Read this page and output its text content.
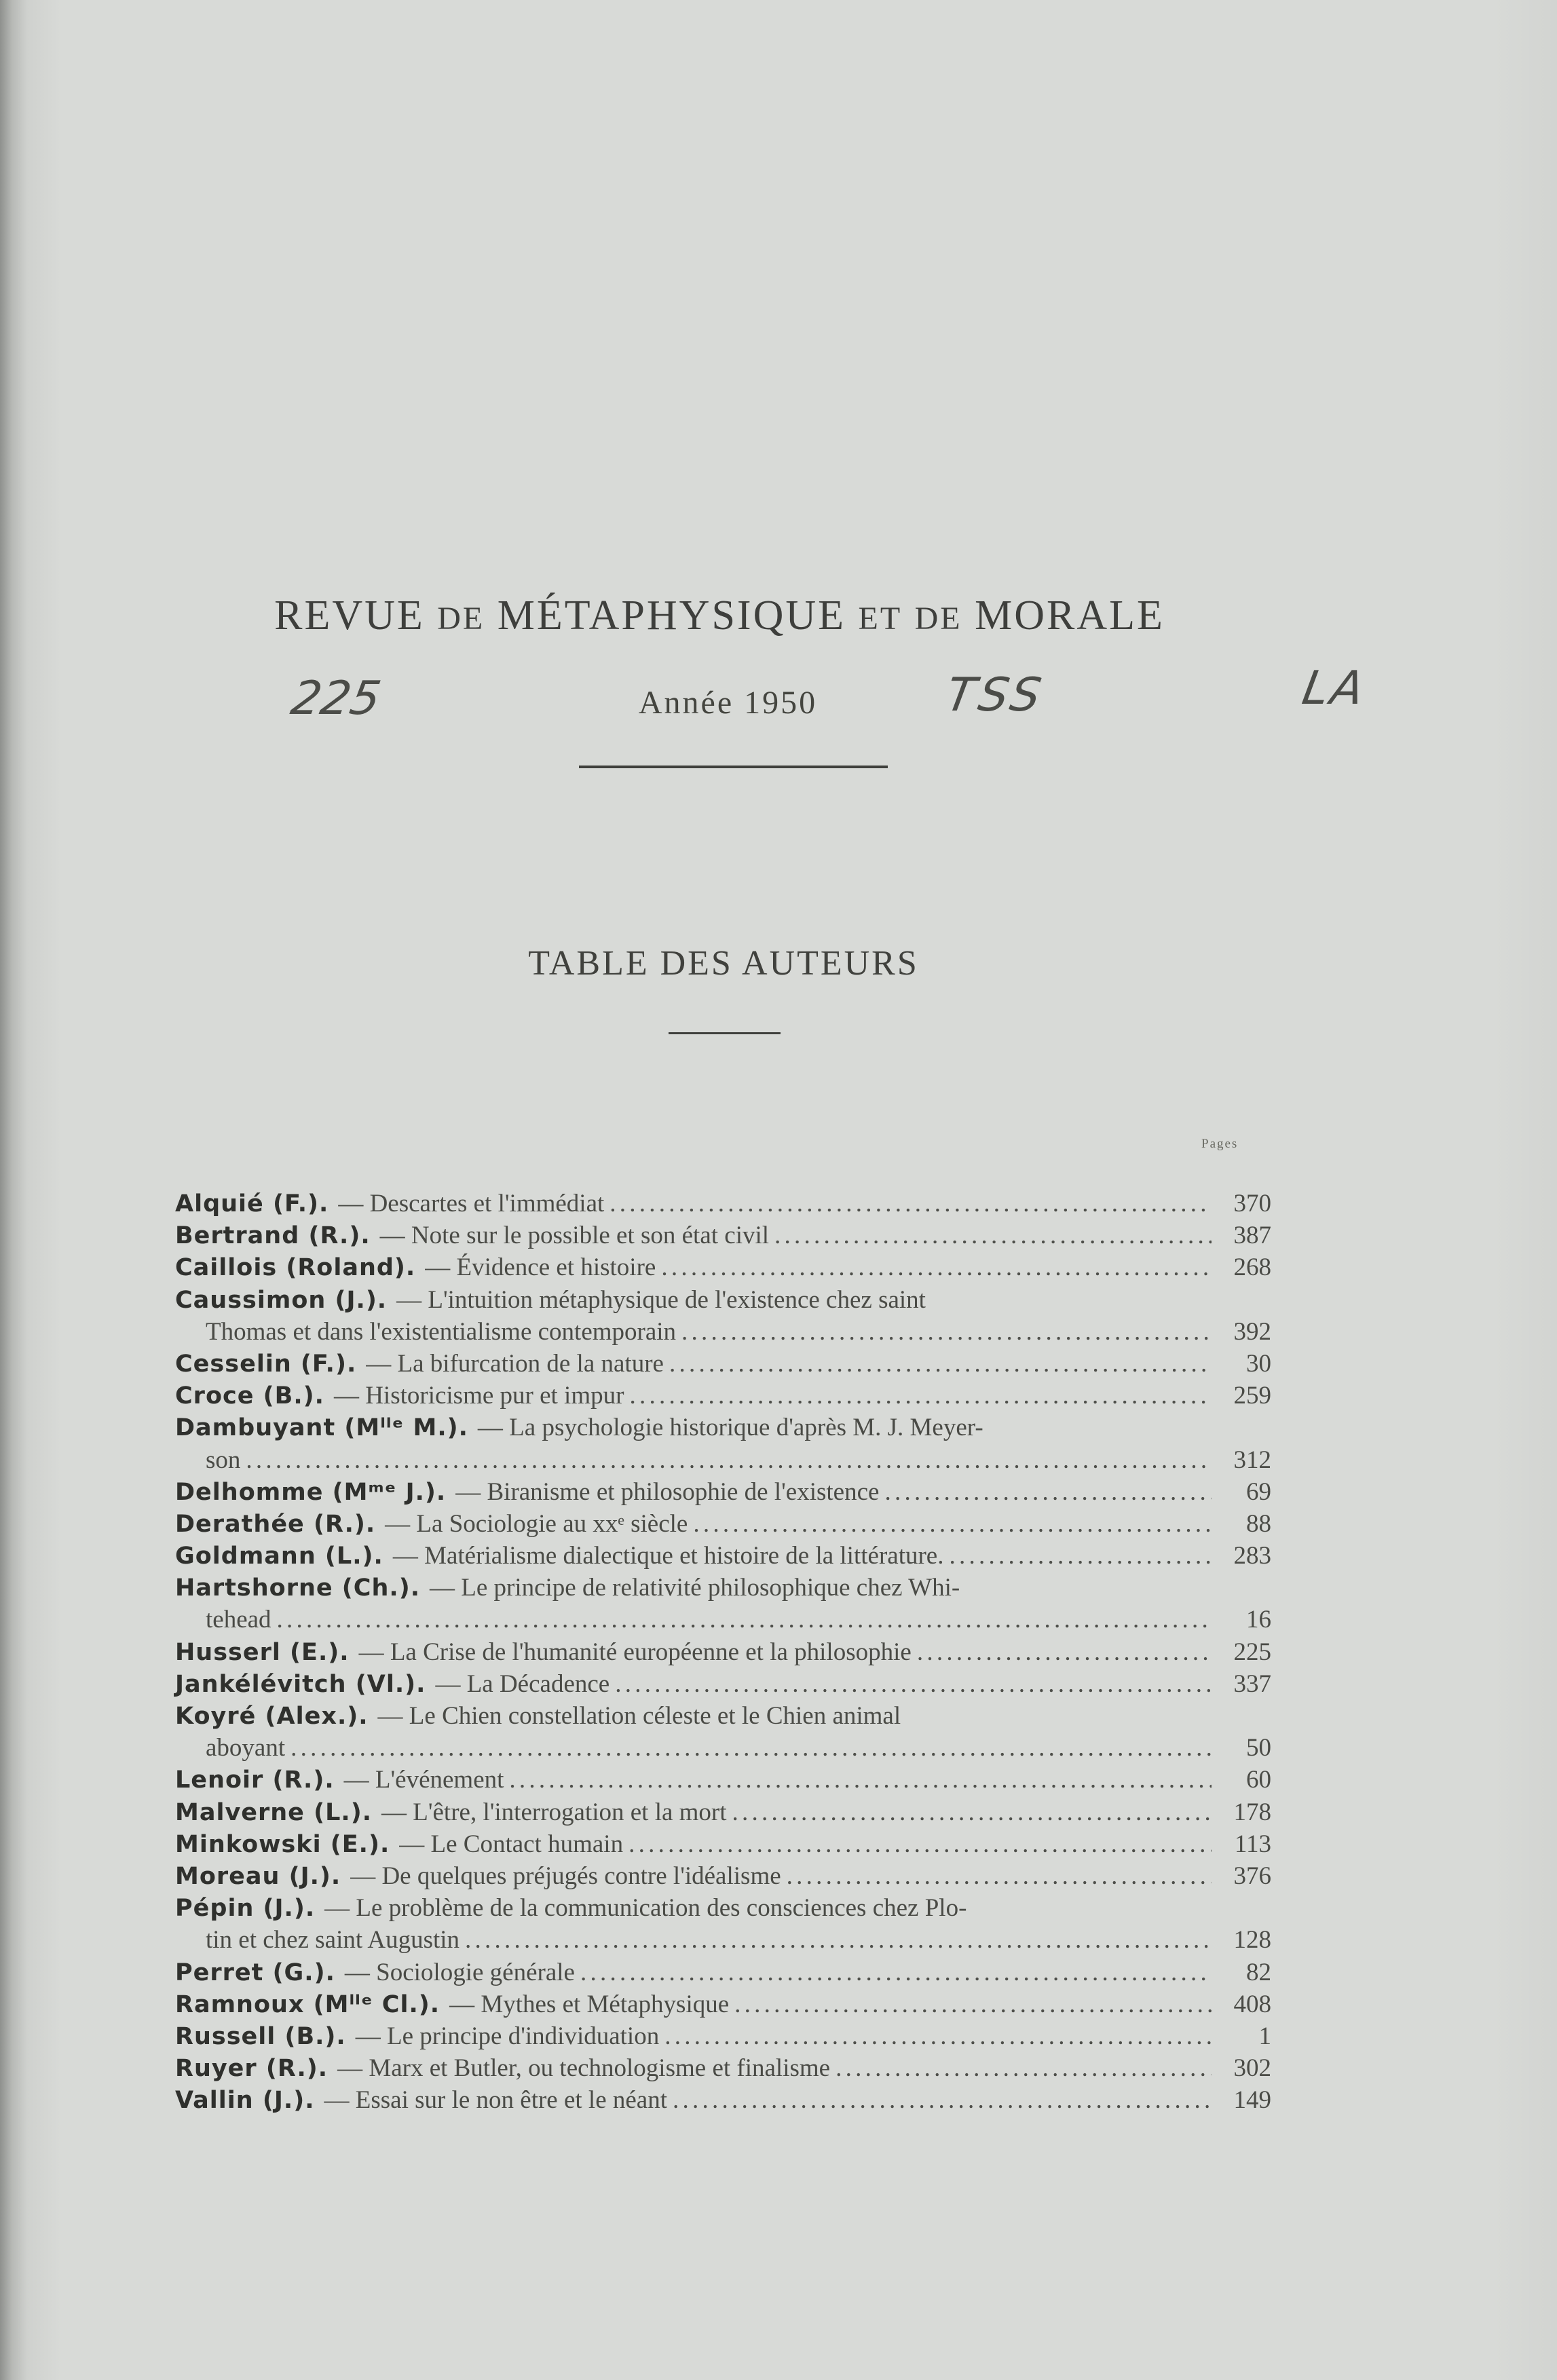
REVUE DE MÉTAPHYSIQUE ET DE MORALE
225	Année 1950	TSS	LA
TABLE DES AUTEURS
Pages
Alquié (F.). — Descartes et l'immédiat . . .	370
Bertrand (R.). — Note sur le possible et son état civil . . .	387
Caillois (Roland). — Évidence et histoire . . .	268
Caussimon (J.). — L'intuition métaphysique de l'existence chez saint
Thomas et dans l'existentialisme contemporain . . .	392
Cesselin (F.). — La bifurcation de la nature . . .	30
Croce (B.). — Historicisme pur et impur . . .	259
Dambuyant (Mˡˡᵉ M.). — La psychologie historique d'après M. J. Meyer-
son . . .	312
Delhomme (Mᵐᵉ J.). — Biranisme et philosophie de l'existence . . .	69
Derathée (R.). — La Sociologie au xxᵉ siècle . . .	88
Goldmann (L.). — Matérialisme dialectique et histoire de la littérature. . . .	283
Hartshorne (Ch.). — Le principe de relativité philosophique chez Whi-
tehead . . .	16
Husserl (E.). — La Crise de l'humanité européenne et la philosophie . . .	225
Jankélévitch (Vl.). — La Décadence . . .	337
Koyré (Alex.). — Le Chien constellation céleste et le Chien animal
aboyant . . .	50
Lenoir (R.). — L'événement . . .	60
Malverne (L.). — L'être, l'interrogation et la mort . . .	178
Minkowski (E.). — Le Contact humain . . .	113
Moreau (J.). — De quelques préjugés contre l'idéalisme . . .	376
Pépin (J.). — Le problème de la communication des consciences chez Plo-
tin et chez saint Augustin . . .	128
Perret (G.). — Sociologie générale . . .	82
Ramnoux (Mˡˡᵉ Cl.). — Mythes et Métaphysique . . .	408
Russell (B.). — Le principe d'individuation . . .	1
Ruyer (R.). — Marx et Butler, ou technologisme et finalisme . . .	302
Vallin (J.). — Essai sur le non être et le néant . . .	149
